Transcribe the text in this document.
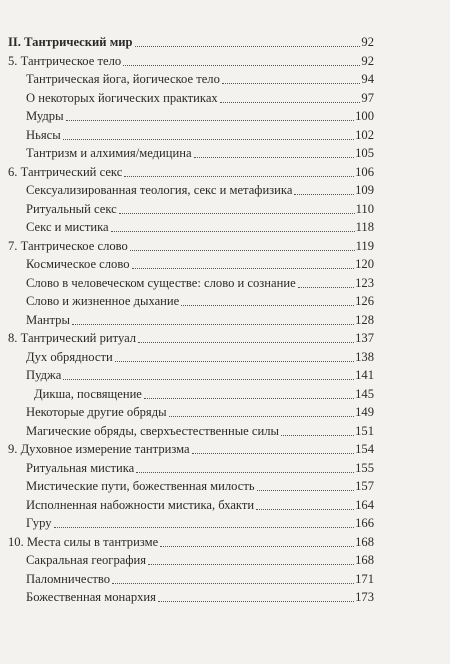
II. Тантрический мир	92
5. Тантрическое тело	92
Тантрическая йога, йогическое тело	94
О некоторых йогических практиках	97
Мудры	100
Ньясы	102
Тантризм и алхимия/медицина	105
6. Тантрический секс	106
Сексуализированная теология, секс и метафизика	109
Ритуальный секс	110
Секс и мистика	118
7. Тантрическое слово	119
Космическое слово	120
Слово в человеческом существе: слово и сознание	123
Слово и жизненное дыхание	126
Мантры	128
8. Тантрический ритуал	137
Дух обрядности	138
Пуджа	141
Дикша, посвящение	145
Некоторые другие обряды	149
Магические обряды, сверхъестественные силы	151
9. Духовное измерение тантризма	154
Ритуальная мистика	155
Мистические пути, божественная милость	157
Исполненная набожности мистика, бхакти	164
Гуру	166
10. Места силы в тантризме	168
Сакральная география	168
Паломничество	171
Божественная монархия	173
